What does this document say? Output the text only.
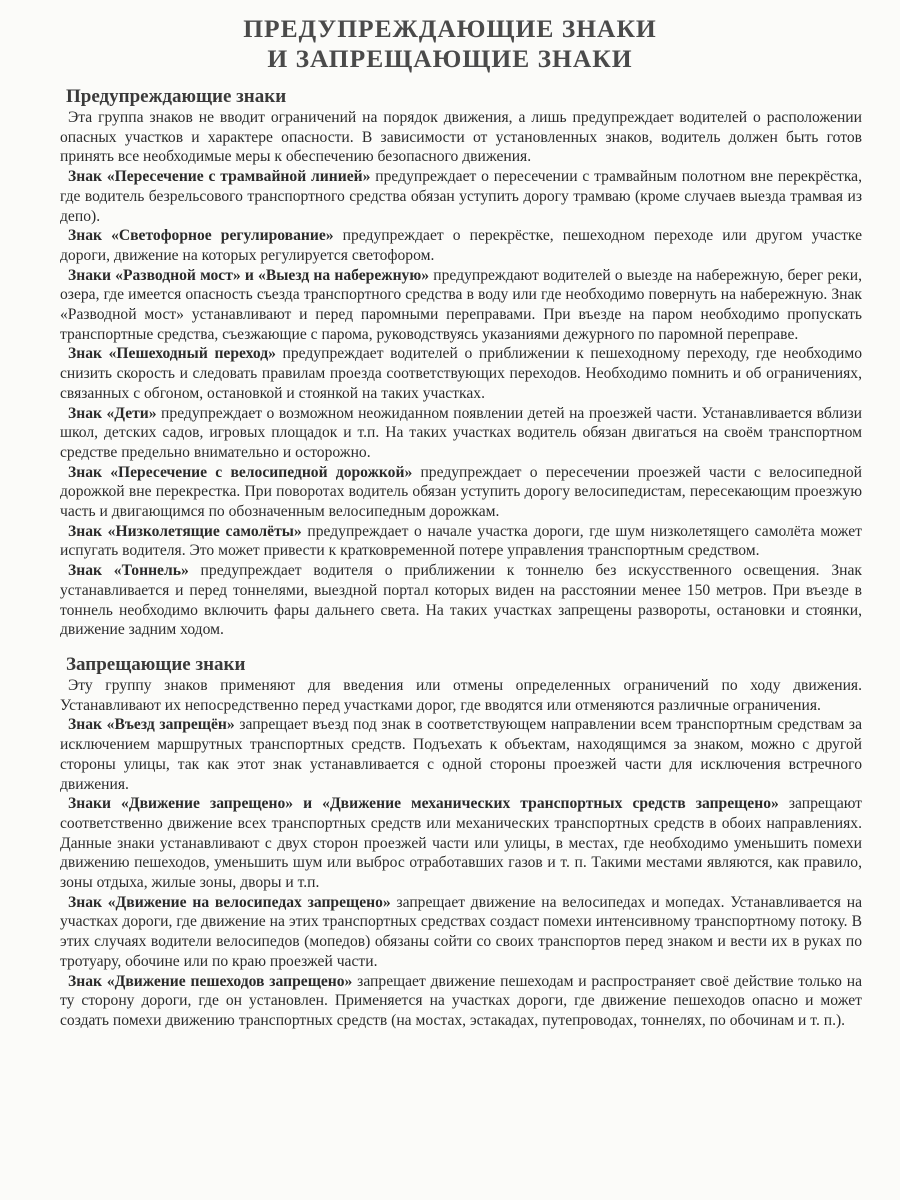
ПРЕДУПРЕЖДАЮЩИЕ ЗНАКИ
И ЗАПРЕЩАЮЩИЕ ЗНАКИ
Предупреждающие знаки

Эта группа знаков не вводит ограничений на порядок движения, а лишь предупреждает водителей о расположении опасных участков и характере опасности. В зависимости от установленных знаков, водитель должен быть готов принять все необходимые меры к обеспечению безопасного движения.

Знак «Пересечение с трамвайной линией» предупреждает о пересечении с трамвайным полотном вне перекрёстка, где водитель безрельсового транспортного средства обязан уступить дорогу трамваю (кроме случаев выезда трамвая из депо).

Знак «Светофорное регулирование» предупреждает о перекрёстке, пешеходном переходе или другом участке дороги, движение на которых регулируется светофором.

Знаки «Разводной мост» и «Выезд на набережную» предупреждают водителей о выезде на набережную, берег реки, озера, где имеется опасность съезда транспортного средства в воду или где необходимо повернуть на набережную. Знак «Разводной мост» устанавливают и перед паромными переправами. При въезде на паром необходимо пропускать транспортные средства, съезжающие с парома, руководствуясь указаниями дежурного по паромной переправе.

Знак «Пешеходный переход» предупреждает водителей о приближении к пешеходному переходу, где необходимо снизить скорость и следовать правилам проезда соответствующих переходов. Необходимо помнить и об ограничениях, связанных с обгоном, остановкой и стоянкой на таких участках.

Знак «Дети» предупреждает о возможном неожиданном появлении детей на проезжей части. Устанавливается вблизи школ, детских садов, игровых площадок и т.п. На таких участках водитель обязан двигаться на своём транспортном средстве предельно внимательно и осторожно.

Знак «Пересечение с велосипедной дорожкой» предупреждает о пересечении проезжей части с велосипедной дорожкой вне перекрестка. При поворотах водитель обязан уступить дорогу велосипедистам, пересекающим проезжую часть и двигающимся по обозначенным велосипедным дорожкам.

Знак «Низколетящие самолёты» предупреждает о начале участка дороги, где шум низколетящего самолёта может испугать водителя. Это может привести к кратковременной потере управления транспортным средством.

Знак «Тоннель» предупреждает водителя о приближении к тоннелю без искусственного освещения. Знак устанавливается и перед тоннелями, выездной портал которых виден на расстоянии менее 150 метров. При въезде в тоннель необходимо включить фары дальнего света. На таких участках запрещены развороты, остановки и стоянки, движение задним ходом.

Запрещающие знаки

Эту группу знаков применяют для введения или отмены определенных ограничений по ходу движения. Устанавливают их непосредственно перед участками дорог, где вводятся или отменяются различные ограничения.

Знак «Въезд запрещён» запрещает въезд под знак в соответствующем направлении всем транспортным средствам за исключением маршрутных транспортных средств. Подъехать к объектам, находящимся за знаком, можно с другой стороны улицы, так как этот знак устанавливается с одной стороны проезжей части для исключения встречного движения.

Знаки «Движение запрещено» и «Движение механических транспортных средств запрещено» запрещают соответственно движение всех транспортных средств или механических транспортных средств в обоих направлениях. Данные знаки устанавливают с двух сторон проезжей части или улицы, в местах, где необходимо уменьшить помехи движению пешеходов, уменьшить шум или выброс отработавших газов и т. п. Такими местами являются, как правило, зоны отдыха, жилые зоны, дворы и т.п.

Знак «Движение на велосипедах запрещено» запрещает движение на велосипедах и мопедах. Устанавливается на участках дороги, где движение на этих транспортных средствах создаст помехи интенсивному транспортному потоку. В этих случаях водители велосипедов (мопедов) обязаны сойти со своих транспортов перед знаком и вести их в руках по тротуару, обочине или по краю проезжей части.

Знак «Движение пешеходов запрещено» запрещает движение пешеходам и распространяет своё действие только на ту сторону дороги, где он установлен. Применяется на участках дороги, где движение пешеходов опасно и может создать помехи движению транспортных средств (на мостах, эстакадах, путепроводах, тоннелях, по обочинам и т. п.).
